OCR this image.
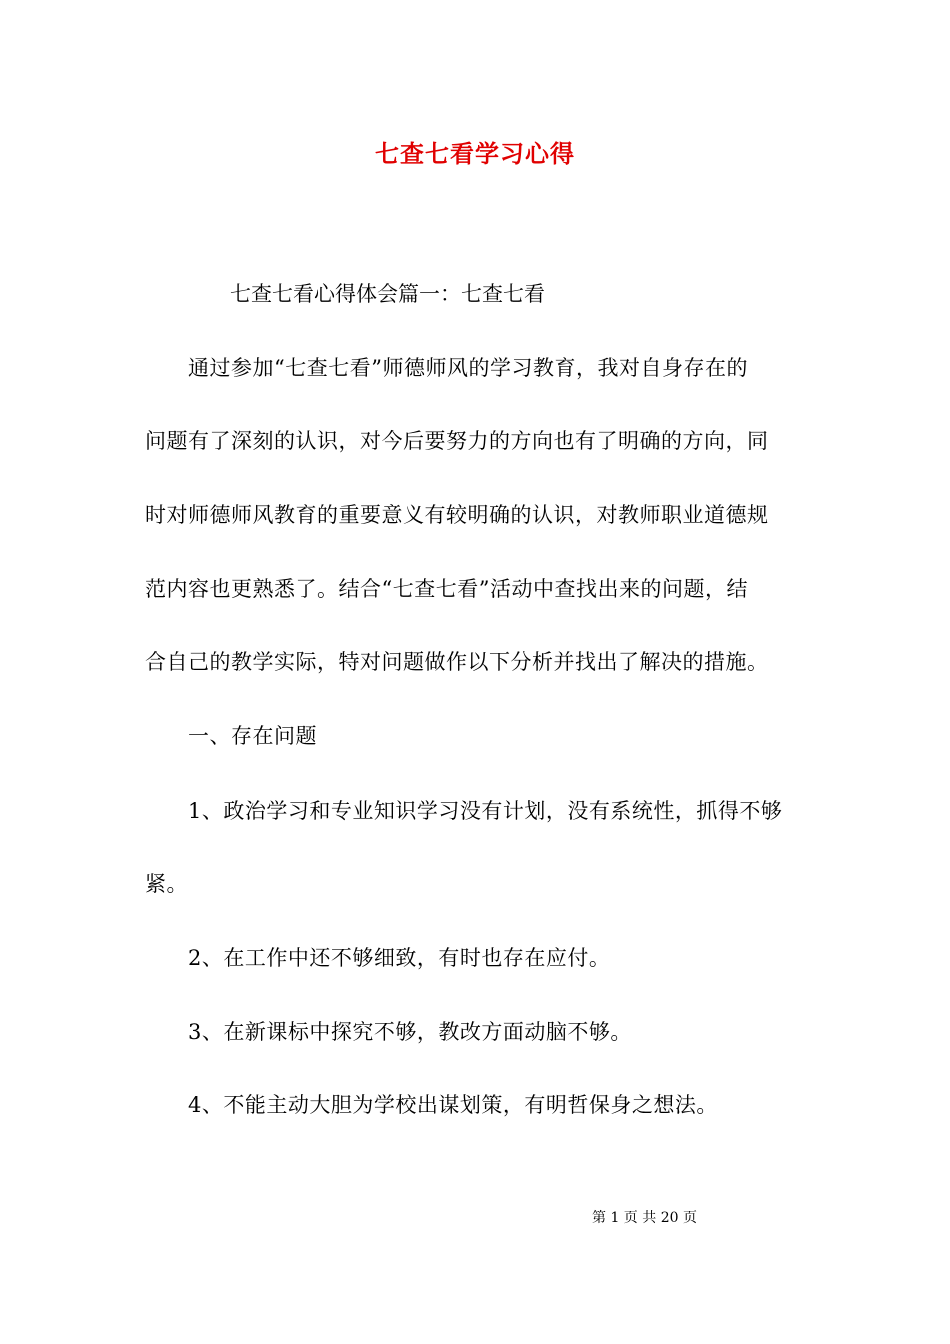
七查七看学习心得
七查七看心得体会篇一：七查七看
通过参加“七查七看”师德师风的学习教育，我对自身存在的
问题有了深刻的认识，对今后要努力的方向也有了明确的方向，同
时对师德师风教育的重要意义有较明确的认识，对教师职业道德规
范内容也更熟悉了。结合“七查七看”活动中查找出来的问题，结
合自己的教学实际，特对问题做作以下分析并找出了解决的措施。
一、存在问题
1、政治学习和专业知识学习没有计划，没有系统性，抓得不够
紧。
2、在工作中还不够细致，有时也存在应付。
3、在新课标中探究不够，教改方面动脑不够。
4、不能主动大胆为学校出谋划策，有明哲保身之想法。
第 1 页 共 20 页
